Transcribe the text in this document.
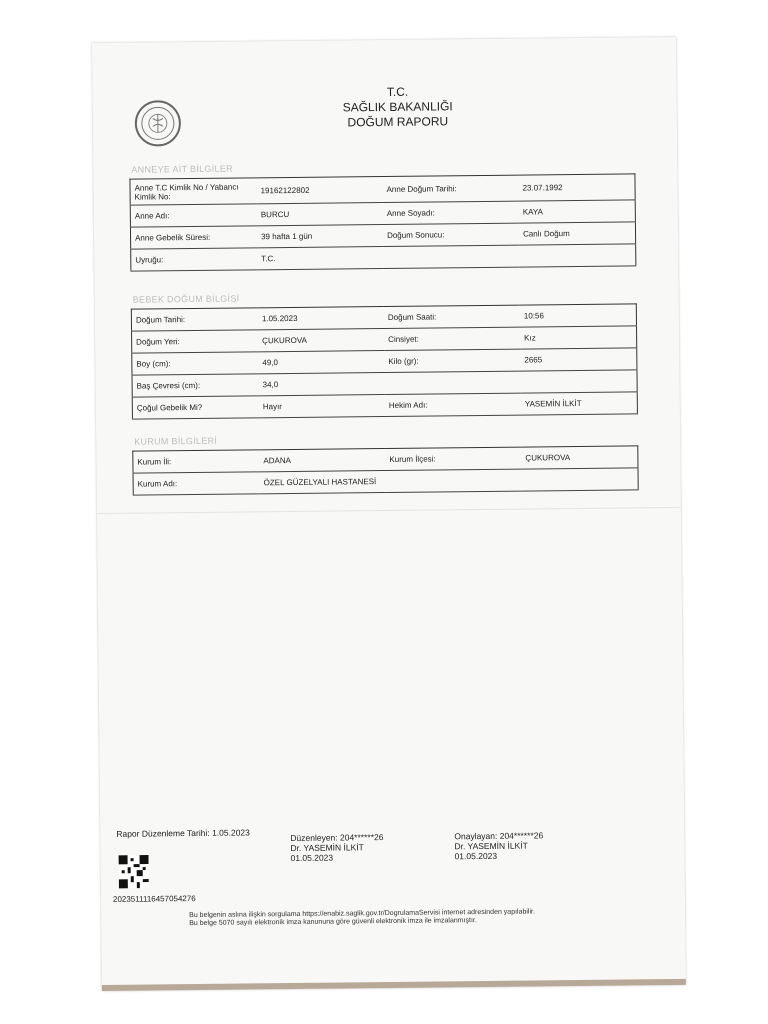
T.C.
SAĞLIK BAKANLIĞI
DOĞUM RAPORU
ANNEYE AİT BİLGİLER
Anne T.C Kimlik No / Yabancı Kimlik No:	19162122802	Anne Doğum Tarihi:	23.07.1992
Anne Adı:	BURCU	Anne Soyadı:	KAYA
Anne Gebelik Süresi:	39 hafta 1 gün	Doğum Sonucu:	Canlı Doğum
Uyruğu:	T.C.		
BEBEK DOĞUM BİLGİSİ
Doğum Tarihi:	1.05.2023	Doğum Saati:	10:56
Doğum Yeri:	ÇUKUROVA	Cinsiyet:	Kız
Boy (cm):	49,0	Kilo (gr):	2665
Baş Çevresi (cm):	34,0		
Çoğul Gebelik Mi?	Hayır	Hekim Adı:	YASEMİN İLKİT
KURUM BİLGİLERİ
Kurum İli:	ADANA	Kurum İlçesi:	ÇUKUROVA
Kurum Adı:	ÖZEL GÜZELYALI HASTANESİ		
Rapor Düzenleme Tarihi: 1.05.2023	Düzenleyen: 204******26
Dr. YASEMİN İLKİT
01.05.2023
Onaylayan: 204******26
Dr. YASEMİN İLKİT
01.05.2023
2023511116457054276
Bu belgenin aslına ilişkin sorgulama https://enabiz.saglik.gov.tr/DogrulamaServisi internet adresinden yapılabilir.
Bu belge 5070 sayılı elektronik imza kanununa göre güvenli elektronik imza ile imzalanmıştır.
